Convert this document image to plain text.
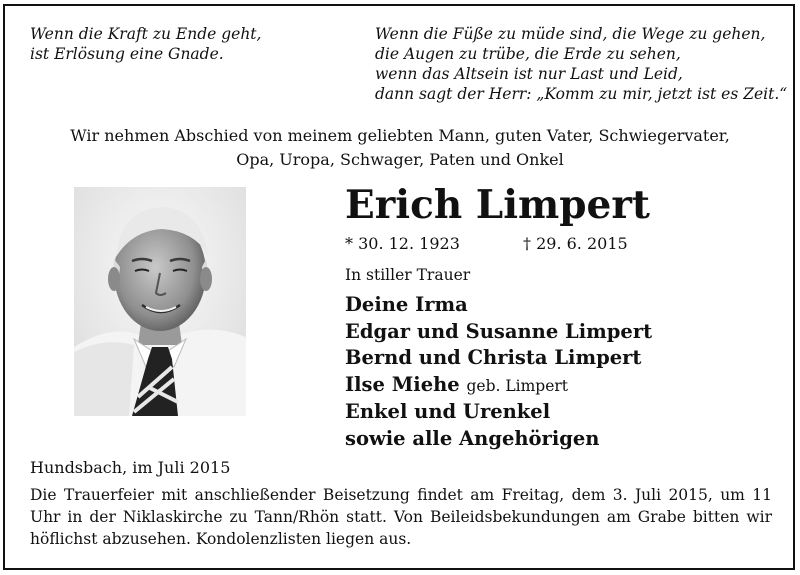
Wenn die Kraft zu Ende geht,
ist Erlösung eine Gnade.
Wenn die Füße zu müde sind, die Wege zu gehen,
die Augen zu trübe, die Erde zu sehen,
wenn das Altsein ist nur Last und Leid,
dann sagt der Herr: „Komm zu mir, jetzt ist es Zeit.“
Wir nehmen Abschied von meinem geliebten Mann, guten Vater, Schwiegervater,
Opa, Uropa, Schwager, Paten und Onkel
Erich Limpert
* 30. 12. 1923	† 29. 6. 2015
In stiller Trauer
Deine Irma
Edgar und Susanne Limpert
Bernd und Christa Limpert
Ilse Miehe geb. Limpert
Enkel und Urenkel
sowie alle Angehörigen
Hundsbach, im Juli 2015
Die Trauerfeier mit anschließender Beisetzung findet am Freitag, dem 3. Juli 2015, um 11 Uhr in der Niklaskirche zu Tann/Rhön statt. Von Beileidsbekundungen am Grabe bitten wir höflichst abzusehen. Kondolenzlisten liegen aus.
